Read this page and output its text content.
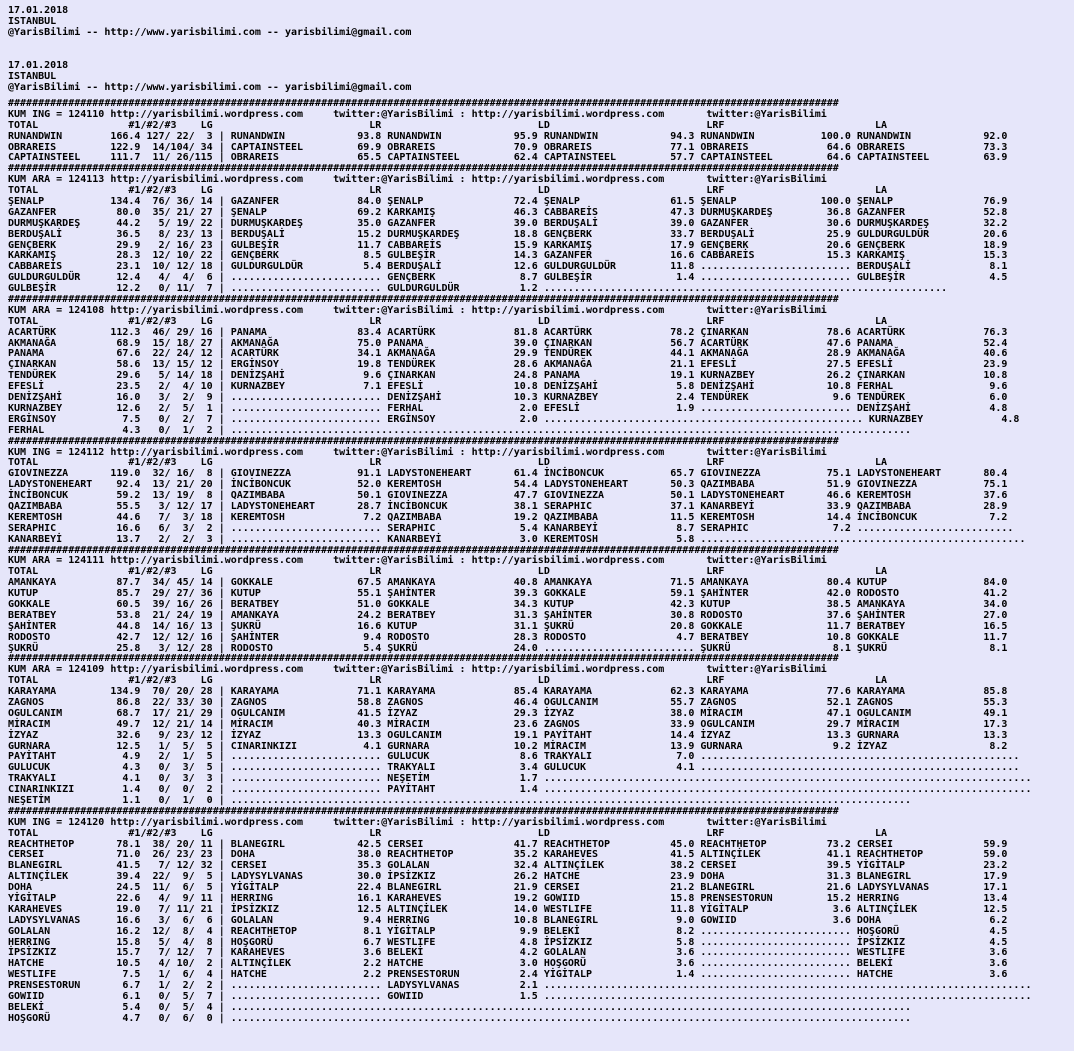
17.01.2018
ISTANBUL
@YarisBilimi -- http://www.yarisbilimi.com -- yarisbilimi@gmail.com
17.01.2018
ISTANBUL
@YarisBilimi -- http://www.yarisbilimi.com -- yarisbilimi@gmail.com
##########################################################################################################################################
KUM ING = 124110 http://yarisbilimi.wordpress.com     twitter:@YarisBilimi : http://yarisbilimi.wordpress.com       twitter:@YarisBilimi
TOTAL               #1/#2/#3    LG                          LR                          LD                          LRF                         LA
RUNANDWIN        166.4 127/ 22/  3 | RUNANDWIN            93.8 RUNANDWIN            95.9 RUNANDWIN            94.3 RUNANDWIN           100.0 RUNANDWIN            92.0
OBRAREIS         122.9  14/104/ 34 | CAPTAINSTEEL         69.9 OBRAREIS             70.9 OBRAREIS             77.1 OBRAREIS             64.6 OBRAREIS             73.3
CAPTAINSTEEL     111.7  11/ 26/115 | OBRAREIS             65.5 CAPTAINSTEEL         62.4 CAPTAINSTEEL         57.7 CAPTAINSTEEL         64.6 CAPTAINSTEEL         63.9
##########################################################################################################################################
KUM ARA = 124113 http://yarisbilimi.wordpress.com     twitter:@YarisBilimi : http://yarisbilimi.wordpress.com       twitter:@YarisBilimi
TOTAL               #1/#2/#3    LG                          LR                          LD                          LRF                         LA
ŞENALP           134.4  76/ 36/ 14 | GAZANFER             84.0 ŞENALP               72.4 ŞENALP               61.5 ŞENALP              100.0 ŞENALP               76.9
GAZANFER          80.0  35/ 21/ 27 | ŞENALP               69.2 KARKAMIŞ             46.3 CABBAREİS            47.3 DURMUŞKARDEŞ         36.8 GAZANFER             52.8
DURMUŞKARDEŞ      44.2   5/ 19/ 22 | DURMUŞKARDEŞ         35.0 GAZANFER             39.0 BERDUŞALİ            39.0 GAZANFER             30.6 DURMUŞKARDEŞ         32.2
BERDUŞALİ         36.5   8/ 23/ 13 | BERDUŞALİ            15.2 DURMUŞKARDEŞ         18.8 GENÇBERK             33.7 BERDUŞALİ            25.9 GULDURGULDÜR         20.6
GENÇBERK          29.9   2/ 16/ 23 | GULBEŞİR             11.7 CABBAREİS            15.9 KARKAMIŞ             17.9 GENÇBERK             20.6 GENÇBERK             18.9
KARKAMIŞ          28.3  12/ 10/ 22 | GENÇBERK              8.5 GULBEŞİR             14.3 GAZANFER             16.6 CABBAREİS            15.3 KARKAMIŞ             15.3
CABBAREİS         23.1  10/ 12/ 18 | GULDURGULDÜR          5.4 BERDUŞALİ            12.6 GULDURGULDÜR         11.8 ......................... BERDUŞALİ             8.1
GULDURGULDÜR      12.4   4/  4/  6 | ......................... GENÇBERK              8.7 GULBEŞİR              1.4 ......................... GULBEŞİR              4.5
GULBEŞİR          12.2   0/ 11/  7 | ......................... GULDURGULDÜR          1.2 ...................................................................
##########################################################################################################################################
KUM ARA = 124108 http://yarisbilimi.wordpress.com     twitter:@YarisBilimi : http://yarisbilimi.wordpress.com       twitter:@YarisBilimi
TOTAL               #1/#2/#3    LG                          LR                          LD                          LRF                         LA
ACARTÜRK         112.3  46/ 29/ 16 | PANAMA               83.4 ACARTÜRK             81.8 ACARTÜRK             78.2 ÇINARKAN             78.6 ACARTÜRK             76.3
AKMANAĞA          68.9  15/ 18/ 27 | AKMANAĞA             75.0 PANAMA               39.0 ÇINARKAN             56.7 ACARTÜRK             47.6 PANAMA               52.4
PANAMA            67.6  22/ 24/ 12 | ACARTÜRK             34.1 AKMANAĞA             29.9 TENDÜREK             44.1 AKMANAĞA             28.9 AKMANAĞA             40.6
ÇINARKAN          58.6  13/ 15/ 12 | ERGİNSOY             19.8 TENDÜREK             28.6 AKMANAĞA             21.1 EFESLİ               27.5 EFESLİ               23.9
TENDÜREK          29.6   5/ 14/ 18 | DENİZŞAHİ             9.6 ÇINARKAN             24.8 PANAMA               19.1 KURNAZBEY            26.2 ÇINARKAN             10.8
EFESLİ            23.5   2/  4/ 10 | KURNAZBEY             7.1 EFESLİ               10.8 DENİZŞAHİ             5.8 DENİZŞAHİ            10.8 FERHAL                9.6
DENİZŞAHİ         16.0   3/  2/  9 | ......................... DENİZŞAHİ            10.3 KURNAZBEY             2.4 TENDÜREK              9.6 TENDÜREK              6.0
KURNAZBEY         12.6   2/  5/  1 | ......................... FERHAL                2.0 EFESLİ                1.9 ......................... DENİZŞAHİ             4.8
ERGİNSOY           7.5   0/  2/  7 | ......................... ERGİNSOY              2.0 ..................................................... KURNAZBEY             4.8
FERHAL             4.3   0/  1/  2 | .................................................................................................................
##########################################################################################################################################
KUM ING = 124112 http://yarisbilimi.wordpress.com     twitter:@YarisBilimi : http://yarisbilimi.wordpress.com       twitter:@YarisBilimi
TOTAL               #1/#2/#3    LG                          LR                          LD                          LRF                         LA
GIOVINEZZA       119.0  32/ 16/  8 | GIOVINEZZA           91.1 LADYSTONEHEART       61.4 İNCİBONCUK           65.7 GIOVINEZZA           75.1 LADYSTONEHEART       80.4
LADYSTONEHEART    92.4  13/ 21/ 20 | İNCİBONCUK           52.0 KEREMTOSH            54.4 LADYSTONEHEART       50.3 QAZIMBABA            51.9 GIOVINEZZA           75.1
İNCİBONCUK        59.2  13/ 19/  8 | QAZIMBABA            50.1 GIOVINEZZA           47.7 GIOVINEZZA           50.1 LADYSTONEHEART       46.6 KEREMTOSH            37.6
QAZIMBABA         55.5   3/ 12/ 17 | LADYSTONEHEART       28.7 İNCİBONCUK           38.1 SERAPHIC             37.1 KANARBEYİ            33.9 QAZIMBABA            28.9
KEREMTOSH         44.6   7/  3/ 18 | KEREMTOSH             7.2 QAZIMBABA            19.2 QAZIMBABA            11.5 KEREMTOSH            14.4 İNCİBONCUK            7.2
SERAPHIC          16.6   6/  3/  2 | ......................... SERAPHIC              5.4 KANARBEYİ             8.7 SERAPHIC              7.2 ..........................
KANARBEYİ         13.7   2/  2/  3 | ......................... KANARBEYİ             3.0 KEREMTOSH             5.8 ......................................................
##########################################################################################################################################
KUM ARA = 124111 http://yarisbilimi.wordpress.com     twitter:@YarisBilimi : http://yarisbilimi.wordpress.com       twitter:@YarisBilimi
TOTAL               #1/#2/#3    LG                          LR                          LD                          LRF                         LA
AMANKAYA          87.7  34/ 45/ 14 | GOKKALE              67.5 AMANKAYA             40.8 AMANKAYA             71.5 AMANKAYA             80.4 KUTUP                84.0
KUTUP             85.7  29/ 27/ 36 | KUTUP                55.1 ŞAHİNTER             39.3 GOKKALE              59.1 ŞAHİNTER             42.0 RODOSTO              41.2
GOKKALE           60.5  39/ 16/ 26 | BERATBEY             51.0 GOKKALE              34.3 KUTUP                42.3 KUTUP                38.5 AMANKAYA             34.0
BERATBEY          53.8  21/ 24/ 19 | AMANKAYA             24.2 BERATBEY             31.3 ŞAHİNTER             30.8 RODOSTO              37.6 ŞAHİNTER             27.0
ŞAHİNTER          44.8  14/ 16/ 13 | ŞUKRÜ                16.6 KUTUP                31.1 ŞUKRÜ                20.8 GOKKALE              11.7 BERATBEY             16.5
RODOSTO           42.7  12/ 12/ 16 | ŞAHİNTER              9.4 RODOSTO              28.3 RODOSTO               4.7 BERATBEY             10.8 GOKKALE              11.7
ŞUKRÜ             25.8   3/ 12/ 28 | RODOSTO               5.4 ŞUKRÜ                24.0 ......................... ŞUKRÜ                 8.1 ŞUKRÜ                 8.1
##########################################################################################################################################
KUM ARA = 124109 http://yarisbilimi.wordpress.com     twitter:@YarisBilimi : http://yarisbilimi.wordpress.com       twitter:@YarisBilimi
TOTAL               #1/#2/#3    LG                          LR                          LD                          LRF                         LA
KARAYAMA         134.9  70/ 20/ 28 | KARAYAMA             71.1 KARAYAMA             85.4 KARAYAMA             62.3 KARAYAMA             77.6 KARAYAMA             85.8
ZAGNOS            86.8  22/ 33/ 30 | ZAGNOS               58.8 ZAGNOS               46.4 OGULCANIM            55.7 ZAGNOS               52.1 ZAGNOS               55.3
OGULCANIM         68.7  17/ 21/ 29 | OGULCANIM            41.5 İZYAZ                29.3 İZYAZ                38.0 MİRACIM              47.1 OGULCANIM            49.1
MİRACIM           49.7  12/ 21/ 14 | MİRACIM              40.3 MİRACIM              23.6 ZAGNOS               33.9 OGULCANIM            29.7 MİRACIM              17.3
İZYAZ             32.6   9/ 23/ 12 | İZYAZ                13.3 OGULCANIM            19.1 PAYİTAHT             14.4 İZYAZ                13.3 GURNARA              13.3
GURNARA           12.5   1/  5/  5 | CINARINKIZI           4.1 GURNARA              10.2 MİRACIM              13.9 GURNARA               9.2 İZYAZ                 8.2
PAYİTAHT           4.9   2/  1/  5 | ......................... GULUCUK               8.6 TRAKYALI              7.0 .....................................................
GULUCUK            4.3   0/  3/  5 | ......................... TRAKYALI              3.4 GULUCUK               4.1 .....................................................
TRAKYALI           4.1   0/  3/  3 | ......................... NEŞETİM               1.7 .................................................................................
CINARINKIZI        1.4   0/  0/  2 | ......................... PAYİTAHT              1.4 .................................................................................
NEŞETİM            1.1   0/  1/  0 | .................................................................................................................
##########################################################################################################################################
KUM ING = 124120 http://yarisbilimi.wordpress.com     twitter:@YarisBilimi : http://yarisbilimi.wordpress.com       twitter:@YarisBilimi
TOTAL               #1/#2/#3    LG                          LR                          LD                          LRF                         LA
REACHTHETOP       78.1  38/ 20/ 11 | BLANEGIRL            42.5 CERSEI               41.7 REACHTHETOP          45.0 REACHTHETOP          73.2 CERSEI               59.9
CERSEI            71.0  26/ 23/ 23 | DOHA                 38.0 REACHTHETOP          35.2 KARAHEVES            41.5 ALTINÇİLEK           41.1 REACHTHETOP          59.0
BLANEGIRL         41.5   7/ 12/ 32 | CERSEI               35.3 GOLALAN              32.4 ALTINÇİLEK           38.2 CERSEI               39.5 YİGİTALP             23.2
ALTINÇİLEK        39.4  22/  9/  5 | LADYSYLVANAS         30.0 İPSİZKIZ             26.2 HATCHE               23.9 DOHA                 31.3 BLANEGIRL            17.9
DOHA              24.5  11/  6/  5 | YİGİTALP             22.4 BLANEGIRL            21.9 CERSEI               21.2 BLANEGIRL            21.6 LADYSYLVANAS         17.1
YİGİTALP          22.6   4/  9/ 11 | HERRING              16.1 KARAHEVES            19.2 GOWIID               15.8 PRENSESTORUN         15.2 HERRING              13.4
KARAHEVES         19.0   7/ 11/ 21 | İPSİZKIZ             12.5 ALTINÇİLEK           14.0 WESTLIFE             11.8 YİGİTALP              3.6 ALTINÇİLEK           12.5
LADYSYLVANAS      16.6   3/  6/  6 | GOLALAN               9.4 HERRING              10.8 BLANEGIRL             9.0 GOWIID                3.6 DOHA                  6.2
GOLALAN           16.2  12/  8/  4 | REACHTHETOP           8.1 YİGİTALP              9.9 BELEKİ                8.2 ......................... HOŞGORÜ               4.5
HERRING           15.8   5/  4/  8 | HOŞGORÜ               6.7 WESTLIFE              4.8 İPSİZKIZ              5.8 ......................... İPSİZKIZ              4.5
İPSİZKIZ          15.7   7/ 12/  7 | KARAHEVES             3.6 BELEKİ                4.2 GOLALAN               3.6 ......................... WESTLIFE              3.6
HATCHE            10.5   4/ 10/  2 | ALTINÇİLEK            2.2 HATCHE                3.0 HOŞGORÜ               3.6 ......................... BELEKİ                3.6
WESTLIFE           7.5   1/  6/  4 | HATCHE                2.2 PRENSESTORUN          2.4 YİGİTALP              1.4 ......................... HATCHE                3.6
PRENSESTORUN       6.7   1/  2/  2 | ......................... LADYSYLVANAS          2.1 .................................................................................
GOWIID             6.1   0/  5/  7 | ......................... GOWIID                1.5 .................................................................................
BELEKİ             5.4   0/  5/  4 | .................................................................................................................
HOŞGORÜ            4.7   0/  6/  0 | .................................................................................................................
